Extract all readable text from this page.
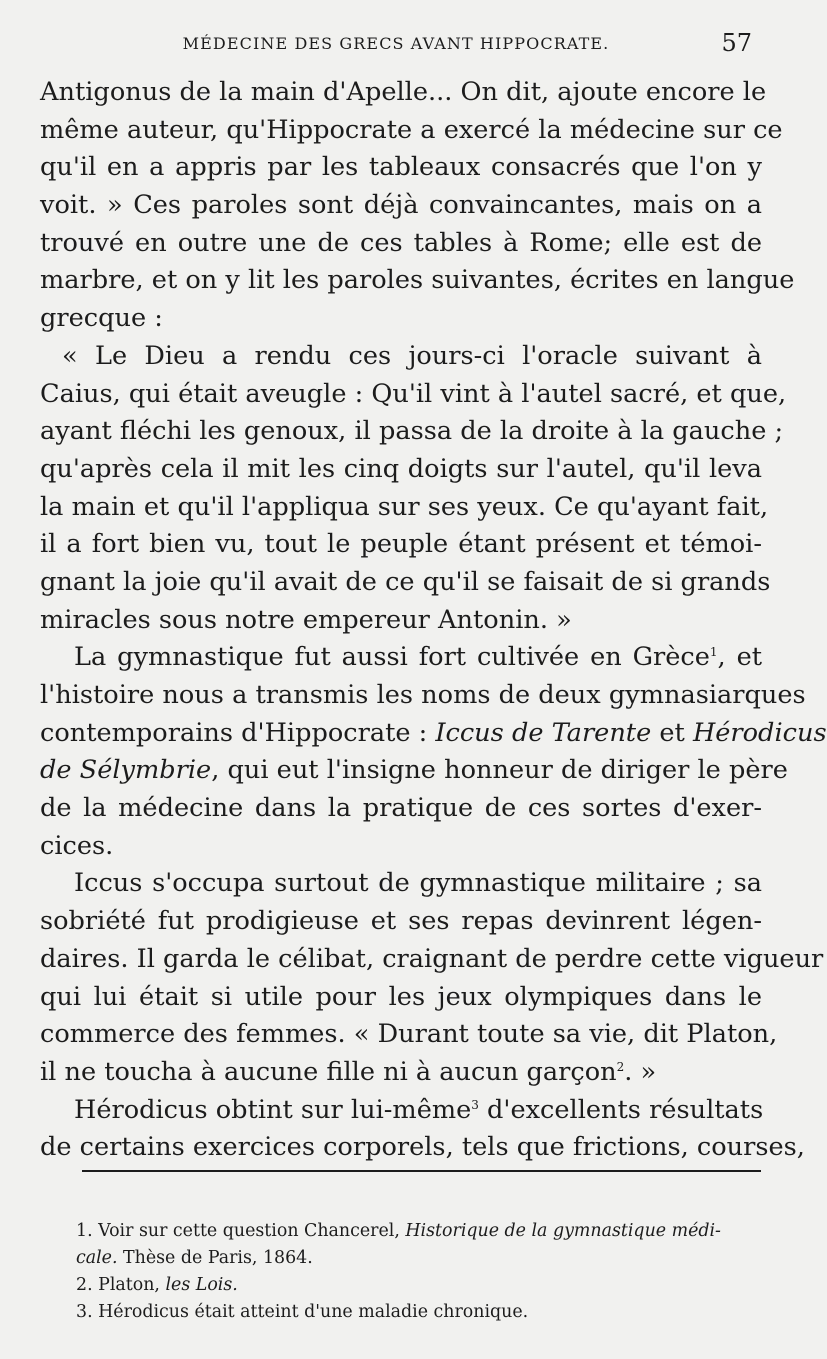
MÉDECINE DES GRECS AVANT HIPPOCRATE.	57
Antigonus de la main d'Apelle... On dit, ajoute encore le
même auteur, qu'Hippocrate a exercé la médecine sur ce
qu'il en a appris par les tableaux consacrés que l'on y
voit. » Ces paroles sont déjà convaincantes, mais on a
trouvé en outre une de ces tables à Rome; elle est de
marbre, et on y lit les paroles suivantes, écrites en langue
grecque :
« Le Dieu a rendu ces jours-ci l'oracle suivant à
Caius, qui était aveugle : Qu'il vint à l'autel sacré, et que,
ayant fléchi les genoux, il passa de la droite à la gauche ;
qu'après cela il mit les cinq doigts sur l'autel, qu'il leva
la main et qu'il l'appliqua sur ses yeux. Ce qu'ayant fait,
il a fort bien vu, tout le peuple étant présent et témoi-
gnant la joie qu'il avait de ce qu'il se faisait de si grands
miracles sous notre empereur Antonin. »
La gymnastique fut aussi fort cultivée en Grèce$^1$, et
l'histoire nous a transmis les noms de deux gymnasiarques
contemporains d'Hippocrate : Iccus de Tarente et Hérodicus
de Sélymbrie, qui eut l'insigne honneur de diriger le père
de la médecine dans la pratique de ces sortes d'exer-
cices.
Iccus s'occupa surtout de gymnastique militaire ; sa
sobriété fut prodigieuse et ses repas devinrent légen-
daires. Il garda le célibat, craignant de perdre cette vigueur
qui lui était si utile pour les jeux olympiques dans le
commerce des femmes. « Durant toute sa vie, dit Platon,
il ne toucha à aucune fille ni à aucun garçon$^2$. »
Hérodicus obtint sur lui-même$^3$ d'excellents résultats
de certains exercices corporels, tels que frictions, courses,
1. Voir sur cette question Chancerel, Historique de la gymnastique médi-
cale. Thèse de Paris, 1864.
2. Platon, les Lois.
3. Hérodicus était atteint d'une maladie chronique.
